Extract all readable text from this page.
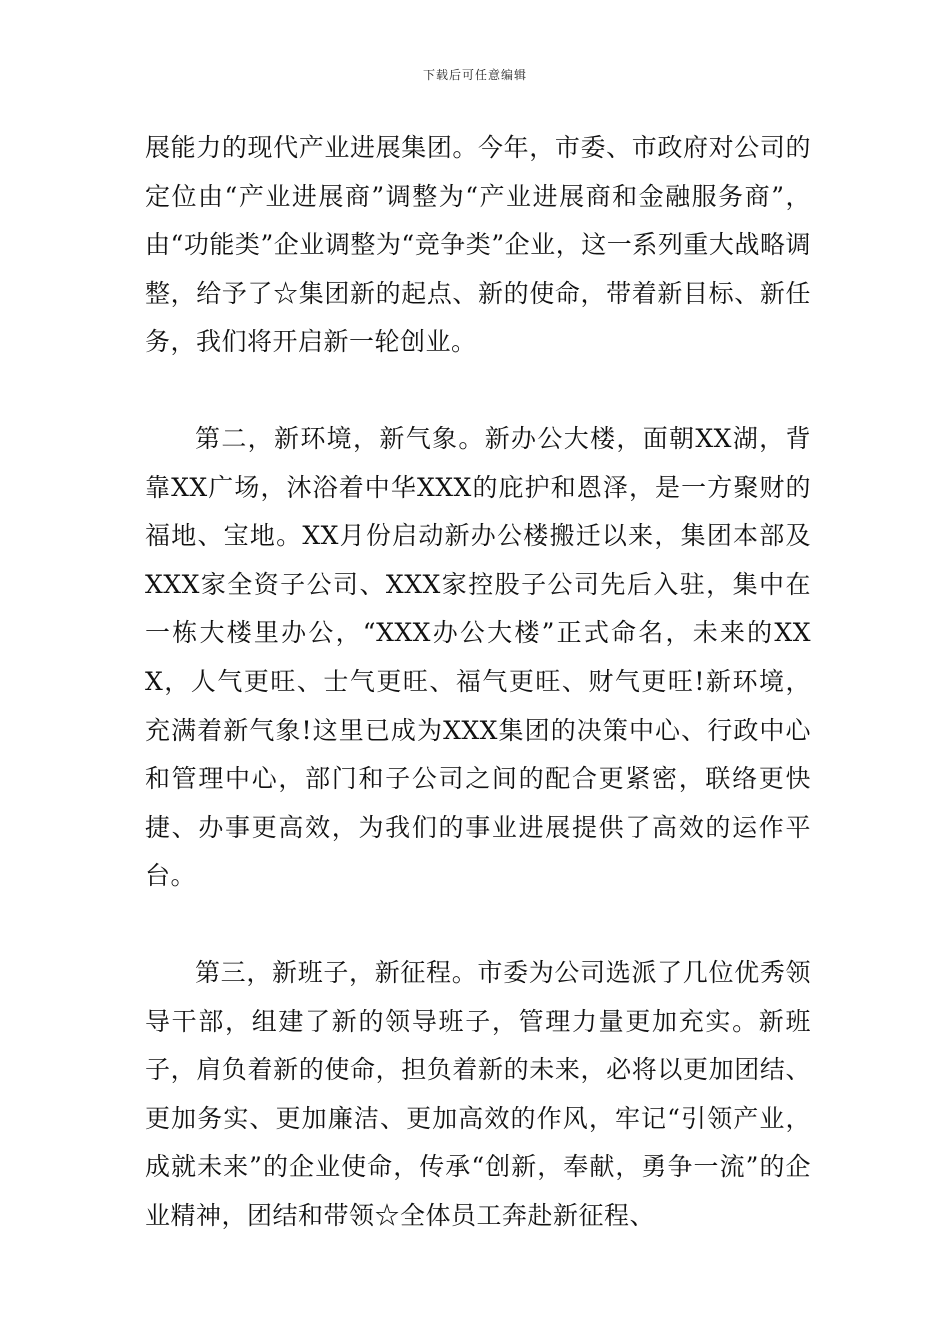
下载后可任意编辑

展能力的现代产业进展集团。今年，市委、市政府对公司的定位由“产业进展商”调整为“产业进展商和金融服务商”，由“功能类”企业调整为“竞争类”企业，这一系列重大战略调整，给予了☆集团新的起点、新的使命，带着新目标、新任务，我们将开启新一轮创业。

第二，新环境，新气象。新办公大楼，面朝XX湖，背靠XX广场，沐浴着中华XXX的庇护和恩泽，是一方聚财的福地、宝地。XX月份启动新办公楼搬迁以来，集团本部及XXX家全资子公司、XXX家控股子公司先后入驻，集中在一栋大楼里办公，“XXX办公大楼”正式命名，未来的XXX，人气更旺、士气更旺、福气更旺、财气更旺!新环境，充满着新气象!这里已成为XXX集团的决策中心、行政中心和管理中心，部门和子公司之间的配合更紧密，联络更快捷、办事更高效，为我们的事业进展提供了高效的运作平台。

第三，新班子，新征程。市委为公司选派了几位优秀领导干部，组建了新的领导班子，管理力量更加充实。新班子，肩负着新的使命，担负着新的未来，必将以更加团结、更加务实、更加廉洁、更加高效的作风，牢记“引领产业，成就未来”的企业使命，传承“创新，奉献，勇争一流”的企业精神，团结和带领☆全体员工奔赴新征程、
